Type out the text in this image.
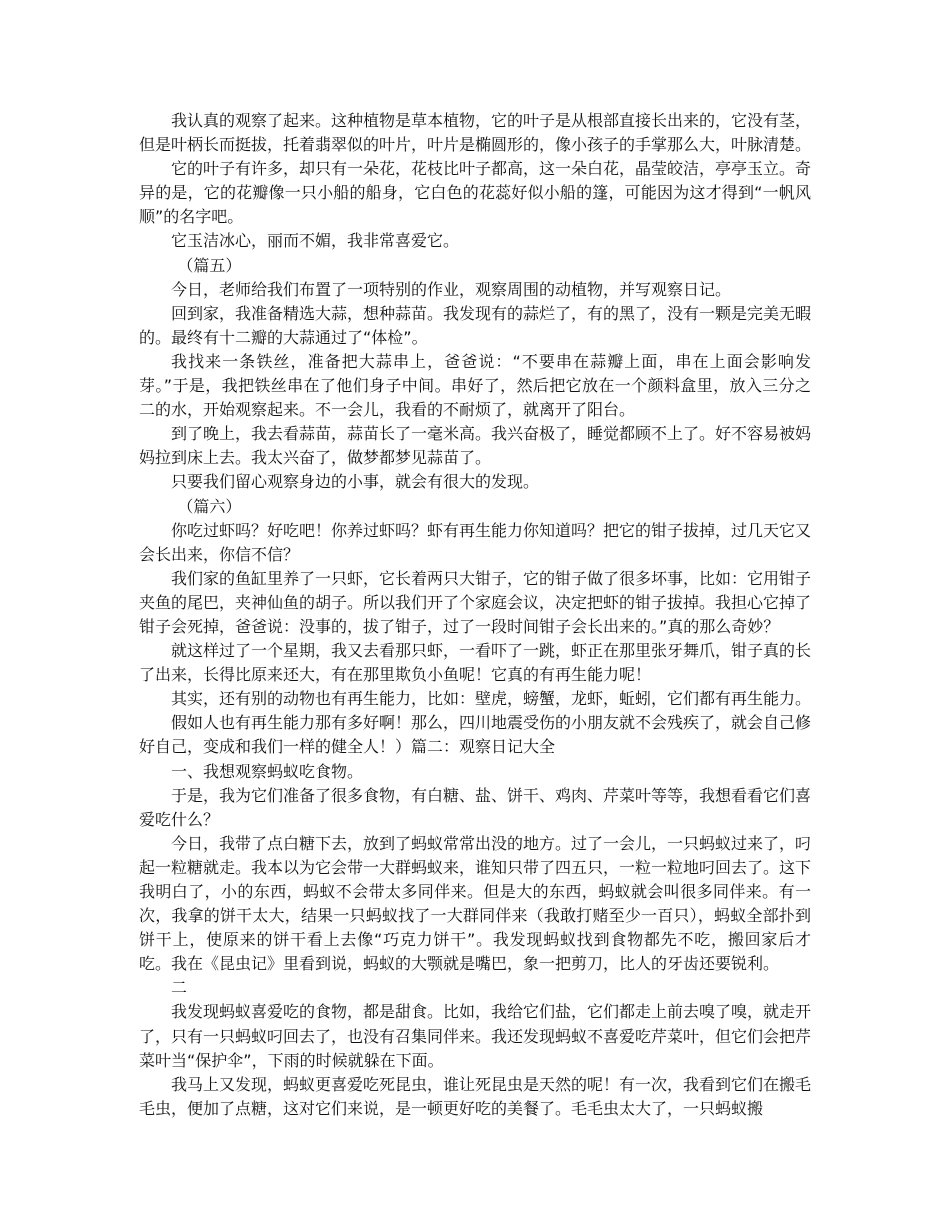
我认真的观察了起来。这种植物是草本植物，它的叶子是从根部直接长出来的，它没有茎，但是叶柄长而挺拔，托着翡翠似的叶片，叶片是椭圆形的，像小孩子的手掌那么大，叶脉清楚。

它的叶子有许多，却只有一朵花，花枝比叶子都高，这一朵白花，晶莹皎洁，亭亭玉立。奇异的是，它的花瓣像一只小船的船身，它白色的花蕊好似小船的篷，可能因为这才得到“一帆风顺”的名字吧。

它玉洁冰心，丽而不媚，我非常喜爱它。

（篇五）

今日，老师给我们布置了一项特别的作业，观察周围的动植物，并写观察日记。

回到家，我准备精选大蒜，想种蒜苗。我发现有的蒜烂了，有的黑了，没有一颗是完美无暇的。最终有十二瓣的大蒜通过了“体检”。

我找来一条铁丝，准备把大蒜串上，爸爸说：“不要串在蒜瓣上面，串在上面会影响发芽。”于是，我把铁丝串在了他们身子中间。串好了，然后把它放在一个颜料盒里，放入三分之二的水，开始观察起来。不一会儿，我看的不耐烦了，就离开了阳台。

到了晚上，我去看蒜苗，蒜苗长了一毫米高。我兴奋极了，睡觉都顾不上了。好不容易被妈妈拉到床上去。我太兴奋了，做梦都梦见蒜苗了。

只要我们留心观察身边的小事，就会有很大的发现。

（篇六）

你吃过虾吗？好吃吧！你养过虾吗？虾有再生能力你知道吗？把它的钳子拔掉，过几天它又会长出来，你信不信？

我们家的鱼缸里养了一只虾，它长着两只大钳子，它的钳子做了很多坏事，比如：它用钳子夹鱼的尾巴，夹神仙鱼的胡子。所以我们开了个家庭会议，决定把虾的钳子拔掉。我担心它掉了钳子会死掉，爸爸说：没事的，拔了钳子，过了一段时间钳子会长出来的。”真的那么奇妙？

就这样过了一个星期，我又去看那只虾，一看吓了一跳，虾正在那里张牙舞爪，钳子真的长了出来，长得比原来还大，有在那里欺负小鱼呢！它真的有再生能力呢！

其实，还有别的动物也有再生能力，比如：壁虎，螃蟹，龙虾，蚯蚓，它们都有再生能力。

假如人也有再生能力那有多好啊！那么，四川地震受伤的小朋友就不会残疾了，就会自己修好自己，变成和我们一样的健全人！）篇二：观察日记大全

一、我想观察蚂蚁吃食物。

于是，我为它们准备了很多食物，有白糖、盐、饼干、鸡肉、芹菜叶等等，我想看看它们喜爱吃什么？

今日，我带了点白糖下去，放到了蚂蚁常常出没的地方。过了一会儿，一只蚂蚁过来了，叼起一粒糖就走。我本以为它会带一大群蚂蚁来，谁知只带了四五只，一粒一粒地叼回去了。这下我明白了，小的东西，蚂蚁不会带太多同伴来。但是大的东西，蚂蚁就会叫很多同伴来。有一次，我拿的饼干太大，结果一只蚂蚁找了一大群同伴来（我敢打赌至少一百只），蚂蚁全部扑到饼干上，使原来的饼干看上去像“巧克力饼干”。我发现蚂蚁找到食物都先不吃，搬回家后才吃。我在《昆虫记》里看到说，蚂蚁的大颚就是嘴巴，象一把剪刀，比人的牙齿还要锐利。

二

我发现蚂蚁喜爱吃的食物，都是甜食。比如，我给它们盐，它们都走上前去嗅了嗅，就走开了，只有一只蚂蚁叼回去了，也没有召集同伴来。我还发现蚂蚁不喜爱吃芹菜叶，但它们会把芹菜叶当“保护伞”，下雨的时候就躲在下面。

我马上又发现，蚂蚁更喜爱吃死昆虫，谁让死昆虫是天然的呢！有一次，我看到它们在搬毛毛虫，便加了点糖，这对它们来说，是一顿更好吃的美餐了。毛毛虫太大了，一只蚂蚁搬
